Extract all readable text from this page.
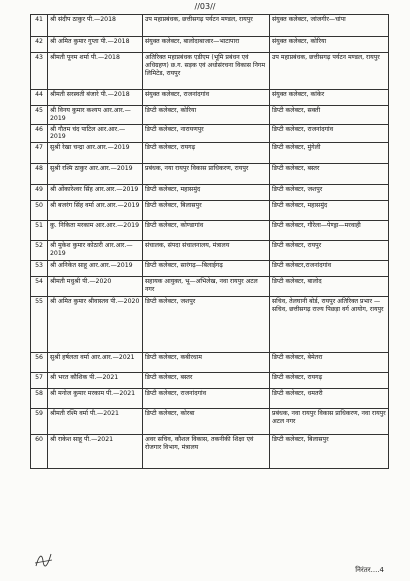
//03//
41	श्री संदीप ठाकुर पी.—2018	उप महाप्रबंधक, छत्तीसगढ़ पर्यटन मण्डल, रायपुर	संयुक्त कलेक्टर, जांजगीर—चांपा
42	श्री अमित कुमार गुप्ता पी.—2018	संयुक्त कलेक्टर, बालोदाबाजार—भाटापारा	संयुक्त कलेक्टर, कोरिया
43	श्रीमती पूनम शर्मा पी.—2018	अतिरिक्त महाप्रबंधक एडीएम (भूमि प्रबंधन एवं अधिग्रहण) छ.ग. सड़क एवं अधोसंरचना विकास निगम लिमिटेड, रायपुर	उप महाप्रबंधक, छत्तीसगढ़ पर्यटन मण्डल, रायपुर
44	श्रीमती सरस्वती बंजारे पी.—2018	संयुक्त कलेक्टर, राजनांदगांव	संयुक्त कलेक्टर, कांकेर
45	श्री विनय कुमार कश्यप आर.आर.—2019	डिप्टी कलेक्टर, कोरिया	डिप्टी कलेक्टर, सक्ती
46	श्री गौतम चंद पाटिल आर.आर.—2019	डिप्टी कलेक्टर, नारायणपुर	डिप्टी कलेक्टर, राजनांदगांव
47	सुश्री रेखा चन्द्रा आर.आर.—2019	डिप्टी कलेक्टर, रायगढ़	डिप्टी कलेक्टर, मुंगेली
48	सुश्री रश्मि ठाकुर आर.आर.—2019	प्रबंधक, नया रायपुर विकास प्राधिकरण, रायपुर	डिप्टी कलेक्टर, बस्तर
49	श्री ओंकारेश्वर सिंह आर.आर.—2019	डिप्टी कलेक्टर, महासमुंद	डिप्टी कलेक्टर, जशपुर
50	श्री बजरंग सिंह वर्मा आर.आर.—2019	डिप्टी कलेक्टर, बिलासपुर	डिप्टी कलेक्टर, महासमुंद
51	कु. निकिता मरकाम आर.आर.—2019	डिप्टी कलेक्टर, कोण्डागांव	डिप्टी कलेक्टर, गौरेला—पेण्ड्रा—मरवाही
52	श्री मुकेश कुमार कोठारी आर.आर.—2019	संचालक, संपदा संचालनालय, मंत्रालय	डिप्टी कलेक्टर, रायपुर
53	श्री अनिकेत साहू आर.आर.—2019	डिप्टी कलेक्टर, सारंगढ़—बिलाईगढ़	डिप्टी कलेक्टर,राजनांदगांव
54	श्रीमती मधुश्री पी.—2020	सहायक आयुक्त, भू—अभिलेख, नवा रायपुर अटल नगर	डिप्टी कलेक्टर, बालोद
55	श्री अमित कुमार श्रीवास्तव पी.—2020	डिप्टी कलेक्टर, जशपुर	सचिव, तेलघानी बोर्ड, रायपुर अतिरिक्त प्रभार — सचिव, छत्तीसगढ़ राज्य पिछड़ा वर्ग आयोग, रायपुर
56	सुश्री हर्षलता वर्मा आर.आर.—2021	डिप्टी कलेक्टर, कबीरधाम	डिप्टी कलेक्टर, बेमेतरा
57	श्री भरत कौशिक पी.—2021	डिप्टी कलेक्टर, बस्तर	डिप्टी कलेक्टर, रायगढ़
58	श्री मनोज कुमार मरकाम पी.—2021	डिप्टी कलेक्टर, राजनांदगांव	डिप्टी कलेक्टर, धमतरी
59	श्रीमती रश्मि वर्मा पी.—2021	डिप्टी कलेक्टर, कोरबा	प्रबंधक, नवा रायपुर विकास प्राधिकरण, नवा रायपुर अटल नगर
60	श्री राकेश साहू पी.—2021	अवर सचिव, कौशल विकास, तकनीकी शिक्षा एवं रोजगार विभाग, मंत्रालय	डिप्टी कलेक्टर, बिलासपुर
निरंतर....4
